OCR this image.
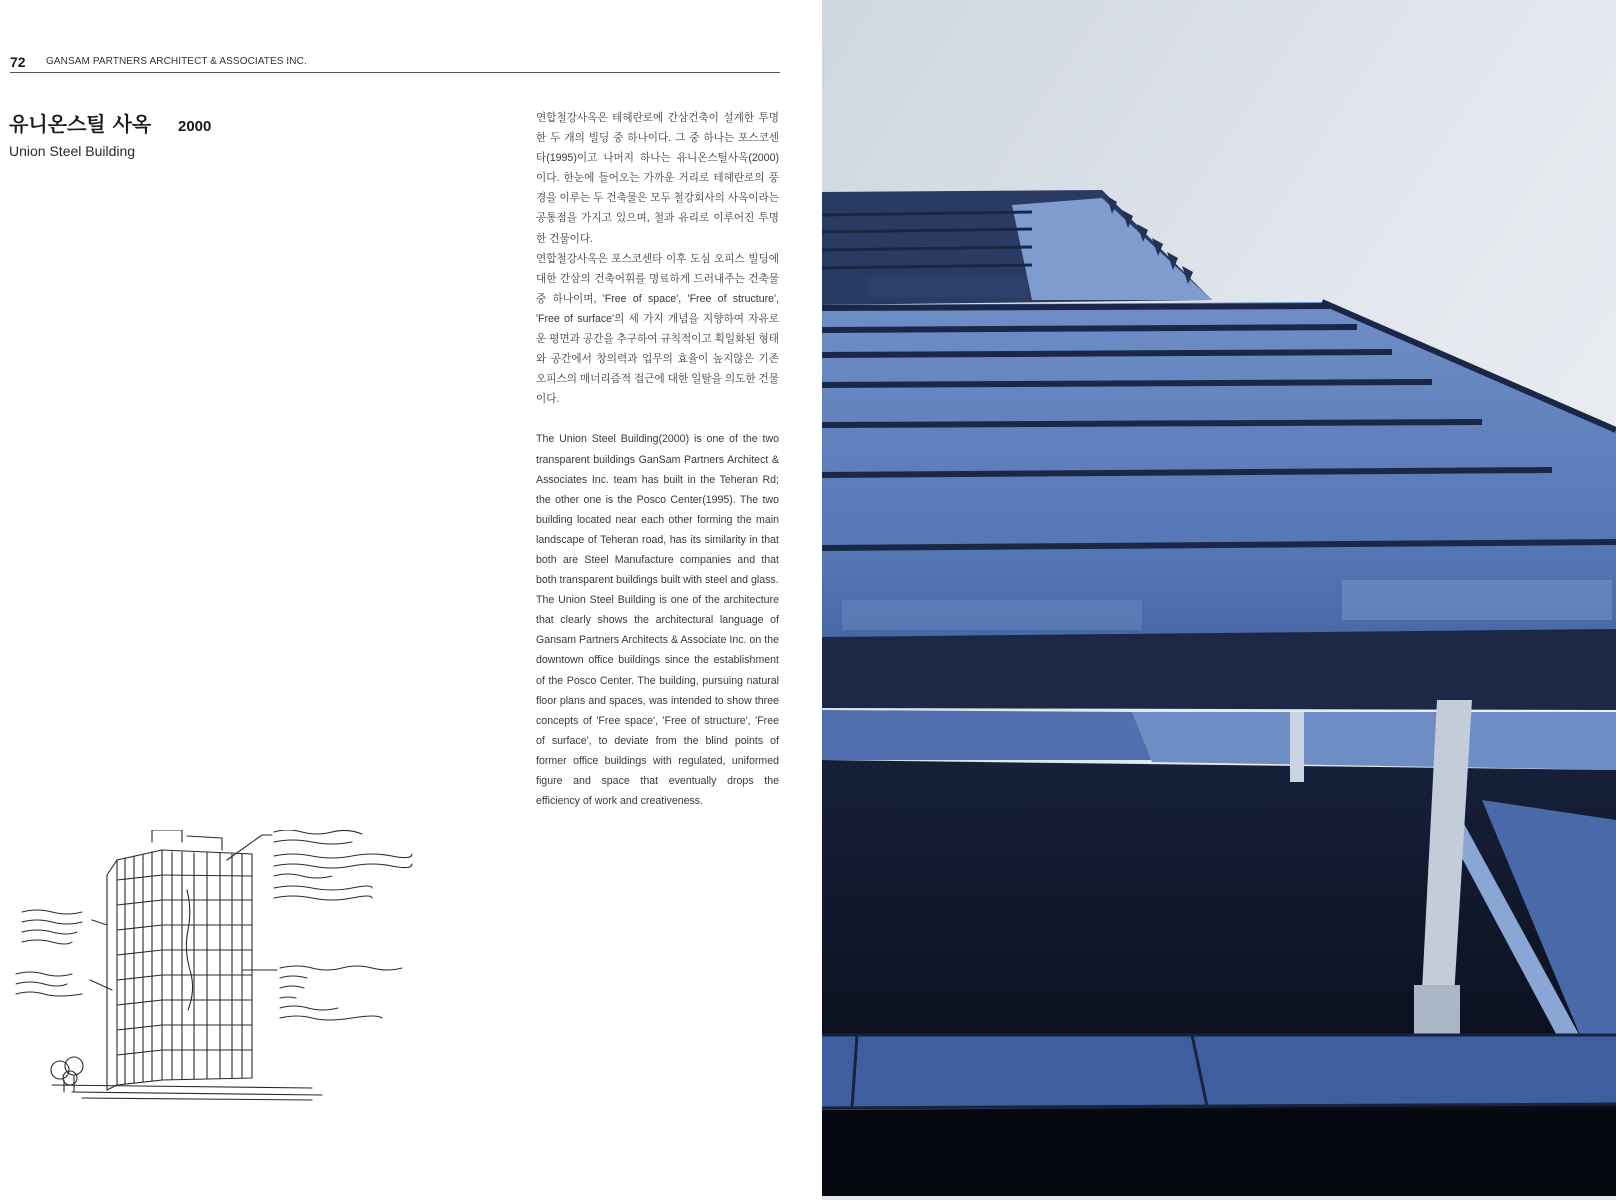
72 GANSAM PARTNERS ARCHITECT & ASSOCIATES INC.
유니온스틸 사옥 2000
Union Steel Building

연합철강사옥은 테헤란로에 간삼건축이 설계한 투명한 두 개의 빌딩 중 하나이다. 그 중 하나는 포스코센타(1995)이고 나머지 하나는 유니온스틸사옥(2000)이다. 한눈에 들어오는 가까운 거리로 테헤란로의 풍경을 이루는 두 건축물은 모두 철강회사의 사옥이라는 공통점을 가지고 있으며, 철과 유리로 이루어진 투명한 건물이다.

연합철강사옥은 포스코센타 이후 도심 오피스 빌딩에 대한 간삼의 건축어휘를 명료하게 드러내주는 건축물 중 하나이며, 'Free of space', 'Free of structure', 'Free of surface'의 세 가지 개념을 지향하여 자유로운 평면과 공간을 추구하여 규칙적이고 획일화된 형태와 공간에서 창의력과 업무의 효율이 높지않은 기존 오피스의 매너리즘적 접근에 대한 일탈을 의도한 건물이다.

The Union Steel Building(2000) is one of the two transparent buildings GanSam Partners Architect & Associates Inc. team has built in the Teheran Rd; the other one is the Posco Center(1995). The two building located near each other forming the main landscape of Teheran road, has its similarity in that both are Steel Manufacture companies and that both transparent buildings built with steel and glass.

The Union Steel Building is one of the architecture that clearly shows the architectural language of Gansam Partners Architects & Associate Inc. on the downtown office buildings since the establishment of the Posco Center. The building, pursuing natural floor plans and spaces, was intended to show three concepts of 'Free space', 'Free of structure', 'Free of surface', to deviate from the blind points of former office buildings with regulated, uniformed figure and space that eventually drops the efficiency of work and creativeness.
